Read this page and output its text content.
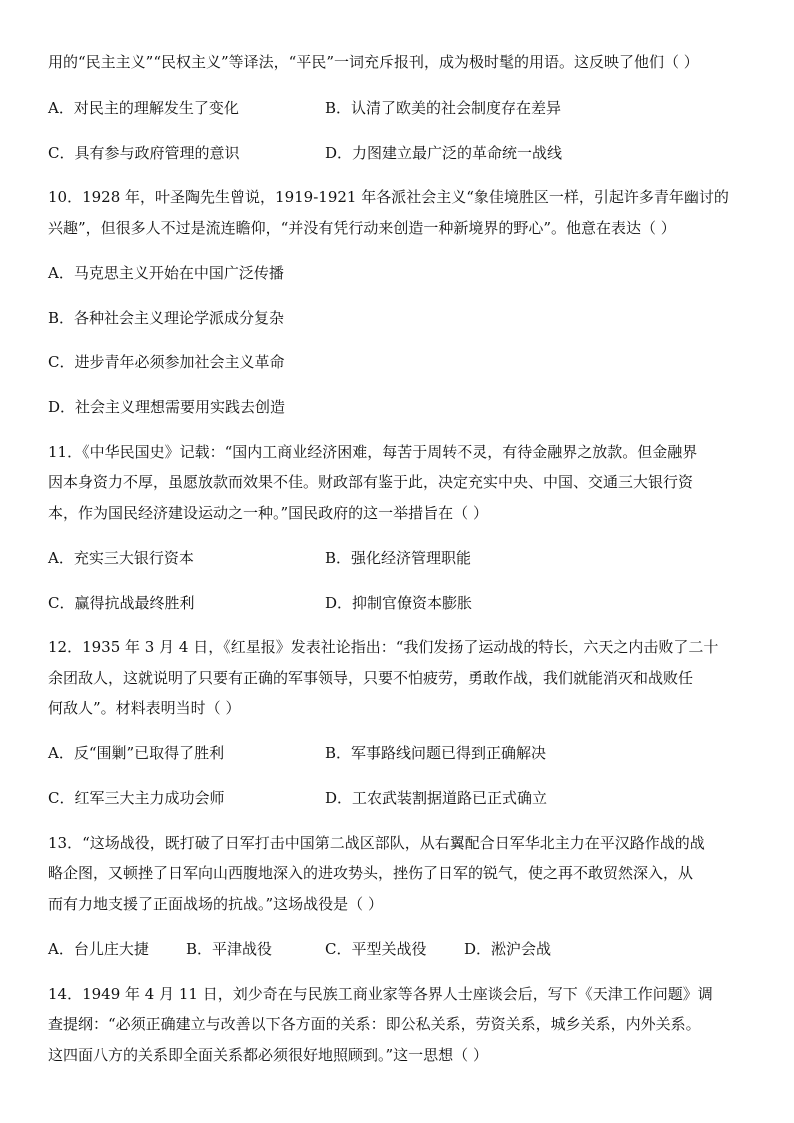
用的“民主主义”“民权主义”等译法，“平民”一词充斥报刊，成为极时髦的用语。这反映了他们（ ）
A．对民主的理解发生了变化	B．认清了欧美的社会制度存在差异
C．具有参与政府管理的意识	D．力图建立最广泛的革命统一战线
10．1928 年，叶圣陶先生曾说，1919-1921 年各派社会主义“象佳境胜区一样，引起许多青年幽讨的
兴趣”，但很多人不过是流连瞻仰，“并没有凭行动来创造一种新境界的野心”。他意在表达（ ）
A．马克思主义开始在中国广泛传播
B．各种社会主义理论学派成分复杂
C．进步青年必须参加社会主义革命
D．社会主义理想需要用实践去创造
11．《中华民国史》记载：“国内工商业经济困难，每苦于周转不灵，有待金融界之放款。但金融界
因本身资力不厚，虽愿放款而效果不佳。财政部有鉴于此，决定充实中央、中国、交通三大银行资
本，作为国民经济建设运动之一种。”国民政府的这一举措旨在（ ）
A．充实三大银行资本	B．强化经济管理职能
C．赢得抗战最终胜利	D．抑制官僚资本膨胀
12．1935 年 3 月 4 日，《红星报》发表社论指出：“我们发扬了运动战的特长，六天之内击败了二十
余团敌人，这就说明了只要有正确的军事领导，只要不怕疲劳，勇敢作战，我们就能消灭和战败任
何敌人”。材料表明当时（ ）
A．反“围剿”已取得了胜利	B．军事路线问题已得到正确解决
C．红军三大主力成功会师	D．工农武装割据道路已正式确立
13．“这场战役，既打破了日军打击中国第二战区部队，从右翼配合日军华北主力在平汉路作战的战
略企图，又顿挫了日军向山西腹地深入的进攻势头，挫伤了日军的锐气，使之再不敢贸然深入，从
而有力地支援了正面战场的抗战。”这场战役是（ ）
A．台儿庄大捷 B．平津战役	C．平型关战役	D．淞沪会战
14．1949 年 4 月 11 日，刘少奇在与民族工商业家等各界人士座谈会后，写下《天津工作问题》调
查提纲：“必须正确建立与改善以下各方面的关系：即公私关系，劳资关系，城乡关系，内外关系。
这四面八方的关系即全面关系都必须很好地照顾到。”这一思想（ ）
